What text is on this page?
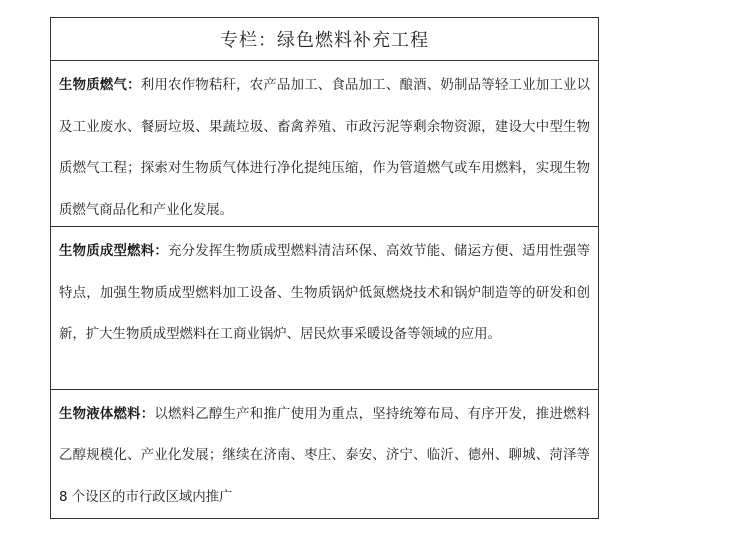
专栏：绿色燃料补充工程
生物质燃气：利用农作物秸秆，农产品加工、食品加工、酿酒、奶制品等轻工业加工业以及工业废水、餐厨垃圾、果蔬垃圾、畜禽养殖、市政污泥等剩余物资源，建设大中型生物质燃气工程；探索对生物质气体进行净化提纯压缩，作为管道燃气或车用燃料，实现生物质燃气商品化和产业化发展。
生物质成型燃料：充分发挥生物质成型燃料清洁环保、高效节能、储运方便、适用性强等特点，加强生物质成型燃料加工设备、生物质锅炉低氮燃烧技术和锅炉制造等的研发和创新，扩大生物质成型燃料在工商业锅炉、居民炊事采暖设备等领域的应用。
生物液体燃料：以燃料乙醇生产和推广使用为重点，坚持统筹布局、有序开发，推进燃料乙醇规模化、产业化发展；继续在济南、枣庄、泰安、济宁、临沂、德州、聊城、菏泽等 8 个设区的市行政区域内推广
